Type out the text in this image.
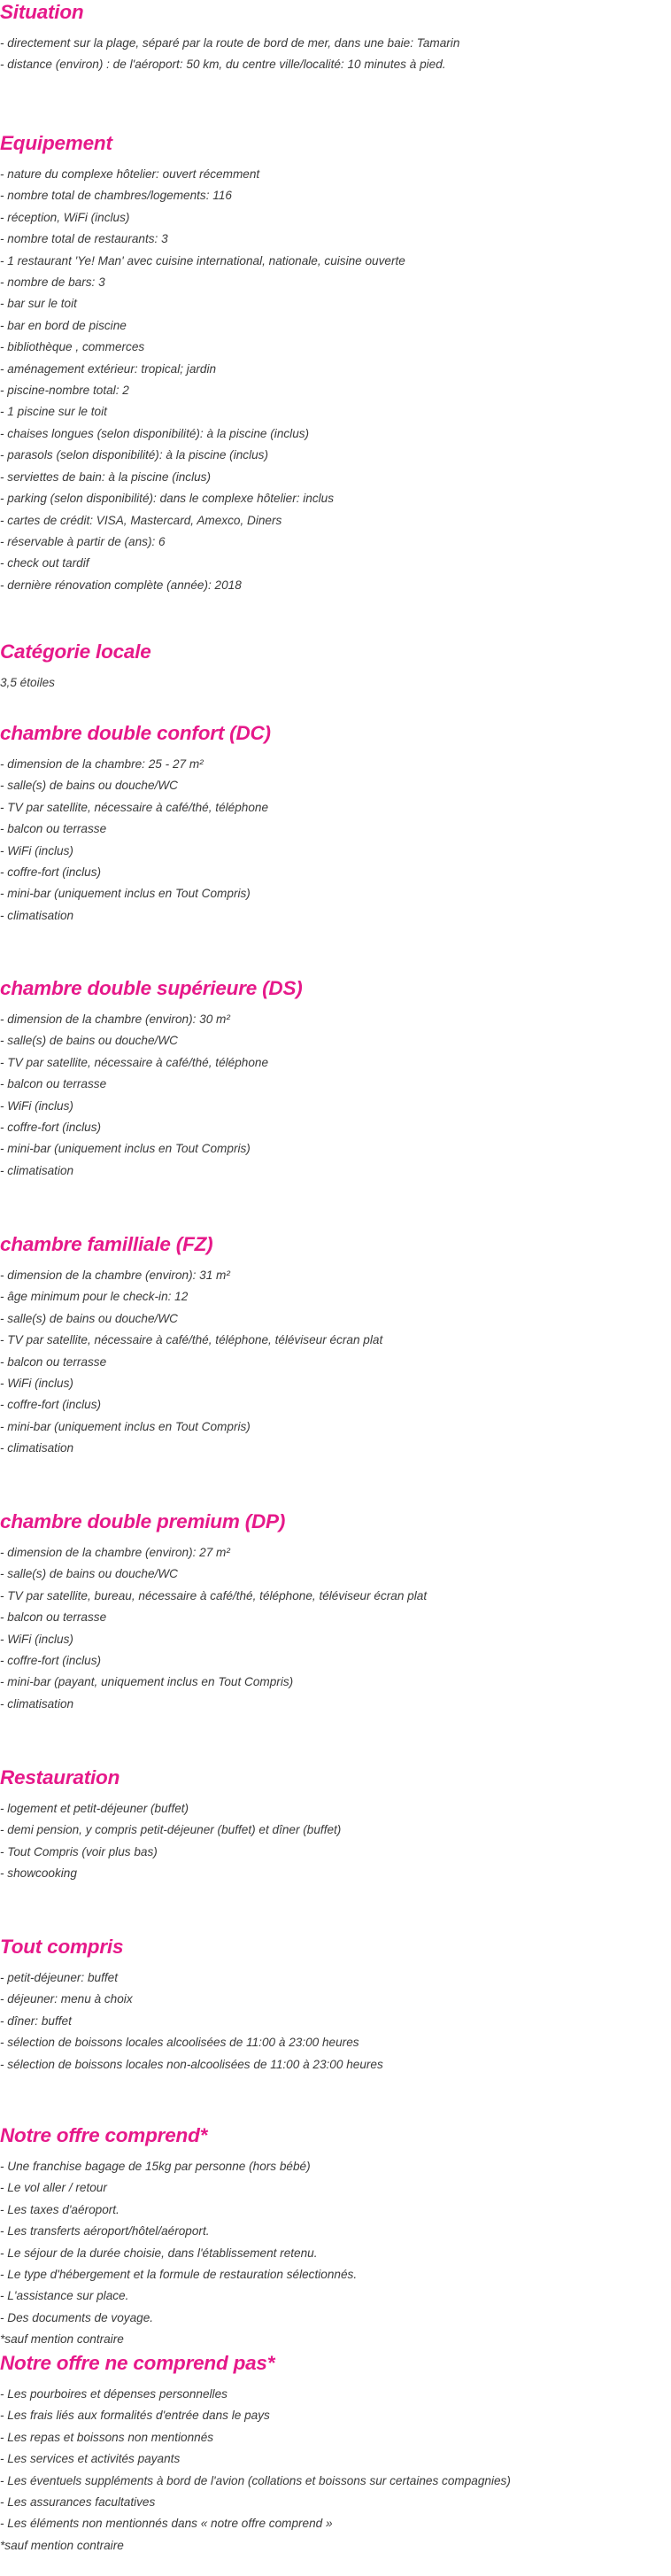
Situation
- directement sur la plage, séparé par la route de bord de mer, dans une baie: Tamarin
- distance (environ) : de l'aéroport: 50 km, du centre ville/localité: 10 minutes à pied.
Equipement
- nature du complexe hôtelier: ouvert récemment
- nombre total de chambres/logements: 116
- réception, WiFi (inclus)
- nombre total de restaurants: 3
- 1 restaurant 'Ye! Man' avec cuisine international, nationale, cuisine ouverte
- nombre de bars: 3
- bar sur le toit
- bar en bord de piscine
- bibliothèque , commerces
- aménagement extérieur: tropical; jardin
- piscine-nombre total: 2
- 1 piscine sur le toit
- chaises longues (selon disponibilité): à la piscine (inclus)
- parasols (selon disponibilité): à la piscine (inclus)
- serviettes de bain: à la piscine (inclus)
- parking (selon disponibilité): dans le complexe hôtelier: inclus
- cartes de crédit: VISA, Mastercard, Amexco, Diners
- réservable à partir de (ans): 6
- check out tardif
- dernière rénovation complète (année): 2018
Catégorie locale
3,5 étoiles
chambre double confort (DC)
- dimension de la chambre: 25 - 27 m²
- salle(s) de bains ou douche/WC
- TV par satellite, nécessaire à café/thé, téléphone
- balcon ou terrasse
- WiFi (inclus)
- coffre-fort (inclus)
- mini-bar (uniquement inclus en Tout Compris)
- climatisation
chambre double supérieure (DS)
- dimension de la chambre (environ): 30 m²
- salle(s) de bains ou douche/WC
- TV par satellite, nécessaire à café/thé, téléphone
- balcon ou terrasse
- WiFi (inclus)
- coffre-fort (inclus)
- mini-bar (uniquement inclus en Tout Compris)
- climatisation
chambre familliale (FZ)
- dimension de la chambre (environ): 31 m²
- âge minimum pour le check-in: 12
- salle(s) de bains ou douche/WC
- TV par satellite, nécessaire à café/thé, téléphone, téléviseur écran plat
- balcon ou terrasse
- WiFi (inclus)
- coffre-fort (inclus)
- mini-bar (uniquement inclus en Tout Compris)
- climatisation
chambre double premium (DP)
- dimension de la chambre (environ): 27 m²
- salle(s) de bains ou douche/WC
- TV par satellite, bureau, nécessaire à café/thé, téléphone, téléviseur écran plat
- balcon ou terrasse
- WiFi (inclus)
- coffre-fort (inclus)
- mini-bar (payant, uniquement inclus en Tout Compris)
- climatisation
Restauration
- logement et petit-déjeuner (buffet)
- demi pension, y compris petit-déjeuner (buffet) et dîner (buffet)
- Tout Compris (voir plus bas)
- showcooking
Tout compris
- petit-déjeuner: buffet
- déjeuner: menu à choix
- dîner: buffet
- sélection de boissons locales alcoolisées de 11:00 à 23:00 heures
- sélection de boissons locales non-alcoolisées de 11:00 à 23:00 heures
Notre offre comprend*
- Une franchise bagage de 15kg par personne (hors bébé)
- Le vol aller / retour
- Les taxes d'aéroport.
- Les transferts aéroport/hôtel/aéroport.
- Le séjour de la durée choisie, dans l'établissement retenu.
- Le type d'hébergement et la formule de restauration sélectionnés.
- L'assistance sur place.
- Des documents de voyage.

*sauf mention contraire

Notre offre ne comprend pas*
- Les pourboires et dépenses personnelles
- Les frais liés aux formalités d'entrée dans le pays
- Les repas et boissons non mentionnés
- Les services et activités payants
- Les éventuels suppléments à bord de l'avion (collations et boissons sur certaines compagnies)
- Les assurances facultatives
- Les éléments non mentionnés dans « notre offre comprend »

*sauf mention contraire
